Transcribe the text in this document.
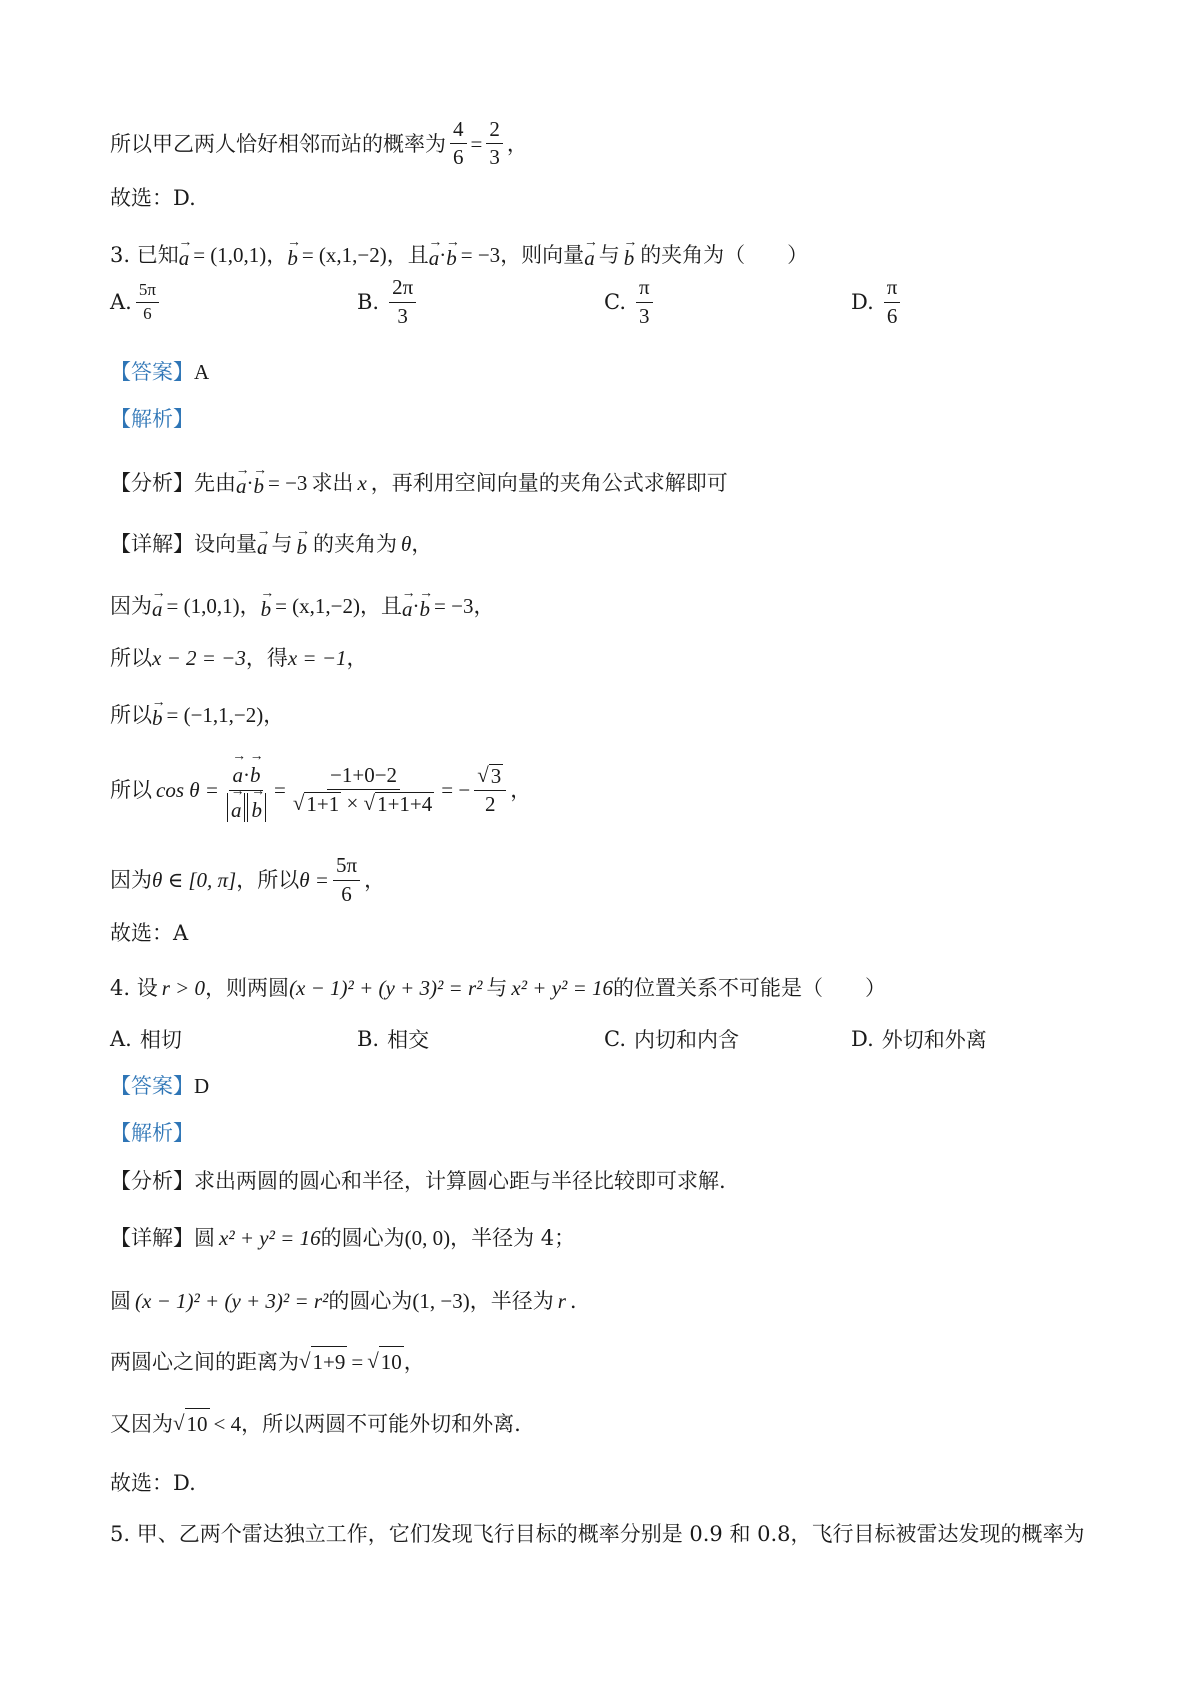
所以甲乙两人恰好相邻而站的概率为 $\frac{4}{6} = \frac{2}{3}$ ，
故选：D.
3. 已知 → a = (1,0,1) ， → b = (x,1,−2) ，且 → a · → b = −3 ，则向量 → a 与 → b 的夹角为（　　）
A. $\frac{5\pi}{6}$	B. $\frac{2\pi}{3}$	C. $\frac{\pi}{3}$	D. $\frac{\pi}{6}$
【答案】 A
【解析】
【分析】 先由 → a · → b = −3 求出 x ，再利用空间向量的夹角公式求解即可
【详解】 设向量 → a 与 → b 的夹角为 θ ，
因为 → a = (1,0,1) ， → b = (x,1,−2) ，且 → a · → b = −3 ，
所以 x − 2 = −3 ，得 x = −1 ，
所以 → b = (−1,1,−2) ，
所以 cos θ = → a·→ b
→ $a \to b = \frac{-1+0-2}{√ 1+1 \times √ 1+1+4}$ = − $\frac{√ 3}{2}$ ，
因为 θ ∈ [0, π] ，所以 $\theta = \frac{5\pi}{6}$ ，
故选：A
4. 设 r > 0 ，则两圆 (x − 1)² + (y + 3)² = r² 与 x² + y² = 16 的位置关系不可能是（　　）
A. 相切	B. 相交	C. 内切和内含	D. 外切和外离
【答案】 D
【解析】
【分析】 求出两圆的圆心和半径，计算圆心距与半径比较即可求解.
【详解】 圆 x² + y² = 16 的圆心为 (0, 0) ，半径为 4；
圆 (x − 1)² + (y + 3)² = r² 的圆心为 (1, −3) ，半径为 r .
两圆心之间的距离为 √ 1+9 = √ 10 ，
又因为 √ 10 < 4 ，所以两圆不可能外切和外离.
故选：D.
5. 甲、乙两个雷达独立工作，它们发现飞行目标的概率分别是 0.9 和 0.8，飞行目标被雷达发现的概率为
